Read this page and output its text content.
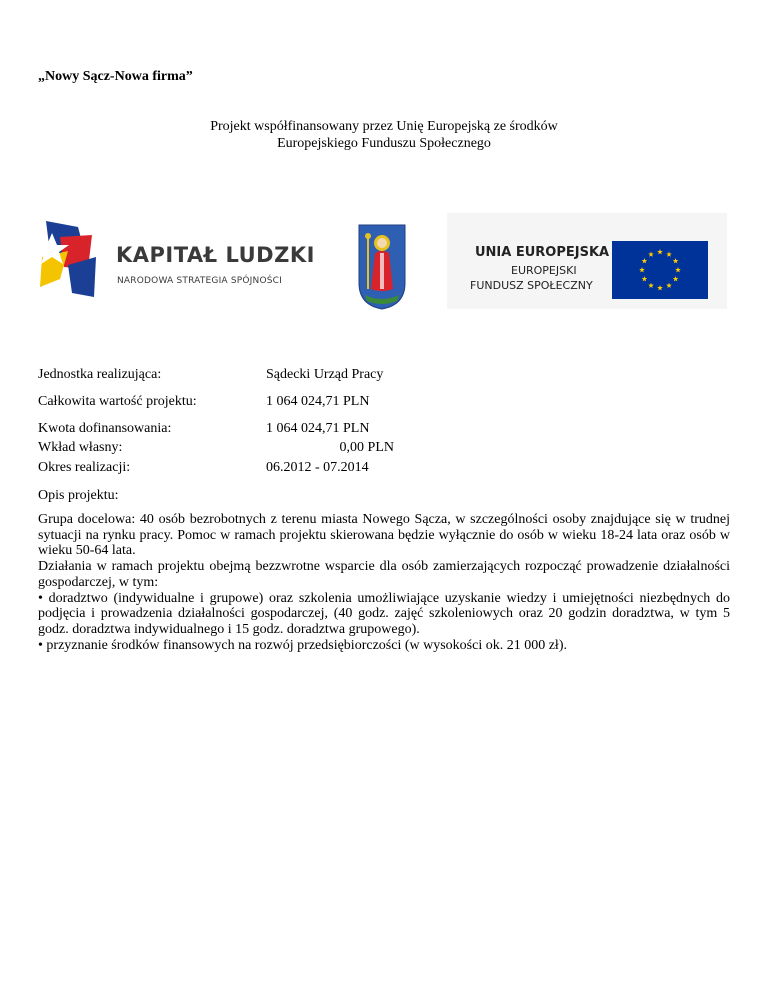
„Nowy Sącz-Nowa firma”
Projekt współfinansowany przez Unię Europejską ze środków
Europejskiego Funduszu Społecznego
KAPITAŁ LUDZKI
NARODOWA STRATEGIA SPÓJNOŚCI
UNIA EUROPEJSKA
EUROPEJSKI
FUNDUSZ SPOŁECZNY
Jednostka realizująca:	Sądecki Urząd Pracy
Całkowita wartość projektu:	1 064 024,71 PLN
Kwota dofinansowania:	1 064 024,71 PLN
Wkład własny:	0,00 PLN
Okres realizacji:	06.2012 - 07.2014
Opis projektu:

Grupa docelowa: 40 osób bezrobotnych z terenu miasta Nowego Sącza, w szczególności osoby znajdujące się w trudnej sytuacji na rynku pracy. Pomoc w ramach projektu skierowana będzie wyłącznie do osób w wieku 18-24 lata oraz osób w wieku 50-64 lata.

Działania w ramach projektu obejmą bezzwrotne wsparcie dla osób zamierzających rozpocząć prowadzenie działalności gospodarczej, w tym:

• doradztwo (indywidualne i grupowe) oraz szkolenia umożliwiające uzyskanie wiedzy i umiejętności niezbędnych do podjęcia i prowadzenia działalności gospodarczej, (40 godz. zajęć szkoleniowych oraz 20 godzin doradztwa, w tym 5 godz. doradztwa indywidualnego i 15 godz. doradztwa grupowego).

• przyznanie środków finansowych na rozwój przedsiębiorczości (w wysokości ok. 21 000 zł).
